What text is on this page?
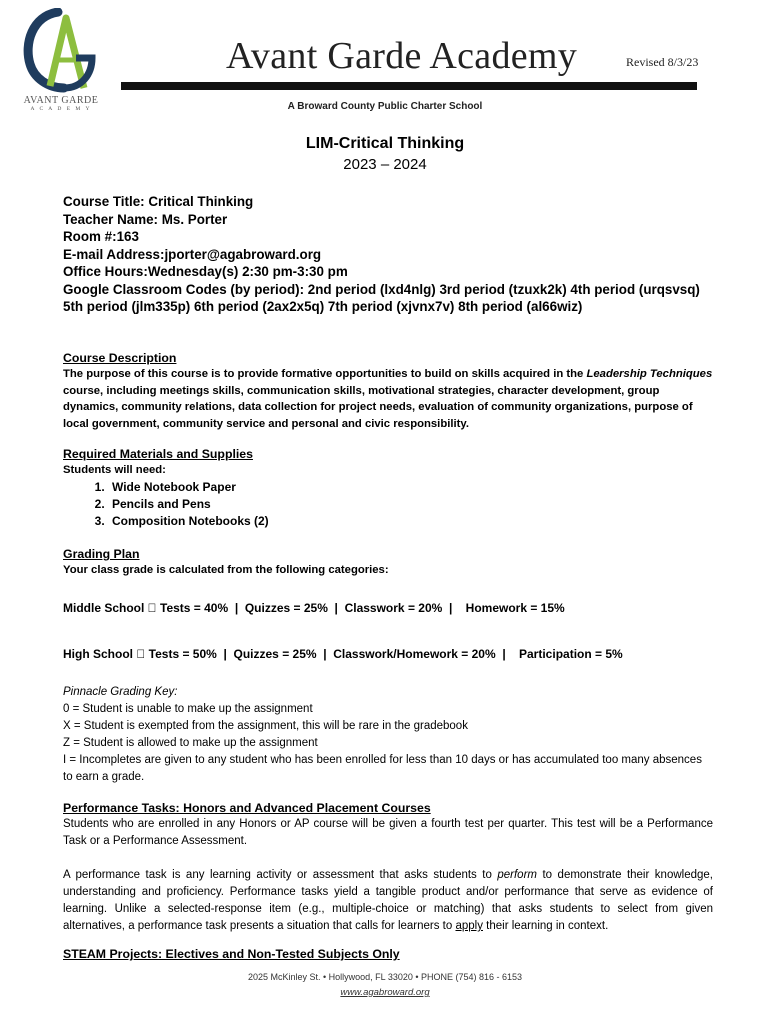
AVANT GARDE
A C A D E M Y
Avant Garde Academy	Revised 8/3/23
A Broward County Public Charter School
LIM-Critical Thinking
2023 – 2024
Course Title: Critical Thinking
Teacher Name: Ms. Porter
Room #:163
E-mail Address:jporter@agabroward.org
Office Hours:Wednesday(s) 2:30 pm-3:30 pm
Google Classroom Codes (by period): 2nd period (lxd4nlg) 3rd period (tzuxk2k) 4th period (urqsvsq) 5th period (jlm335p) 6th period (2ax2x5q) 7th period (xjvnx7v) 8th period (al66wiz)
Course Description
The purpose of this course is to provide formative opportunities to build on skills acquired in the Leadership Techniques course, including meetings skills, communication skills, motivational strategies, character development, group dynamics, community relations, data collection for project needs, evaluation of community organizations, purpose of local government, community service and personal and civic responsibility.
Required Materials and Supplies
Students will need:
1. Wide Notebook Paper
2. Pencils and Pens
3. Composition Notebooks (2)
Grading Plan
Your class grade is calculated from the following categories:
Middle School   Tests = 40%  |  Quizzes = 25%  |  Classwork = 20%  |    Homework = 15%
High School   Tests = 50%  |  Quizzes = 25%  |  Classwork/Homework = 20%  |    Participation = 5%
Pinnacle Grading Key:
0 = Student is unable to make up the assignment
X = Student is exempted from the assignment, this will be rare in the gradebook
Z = Student is allowed to make up the assignment
I = Incompletes are given to any student who has been enrolled for less than 10 days or has accumulated too many absences to earn a grade.
Performance Tasks: Honors and Advanced Placement Courses
Students who are enrolled in any Honors or AP course will be given a fourth test per quarter. This test will be a Performance Task or a Performance Assessment.
A performance task is any learning activity or assessment that asks students to perform to demonstrate their knowledge, understanding and proficiency. Performance tasks yield a tangible product and/or performance that serve as evidence of learning. Unlike a selected-response item (e.g., multiple-choice or matching) that asks students to select from given alternatives, a performance task presents a situation that calls for learners to apply their learning in context.
STEAM Projects: Electives and Non-Tested Subjects Only
2025 McKinley St. • Hollywood, FL 33020 • PHONE (754) 816 - 6153
www.agabroward.org
